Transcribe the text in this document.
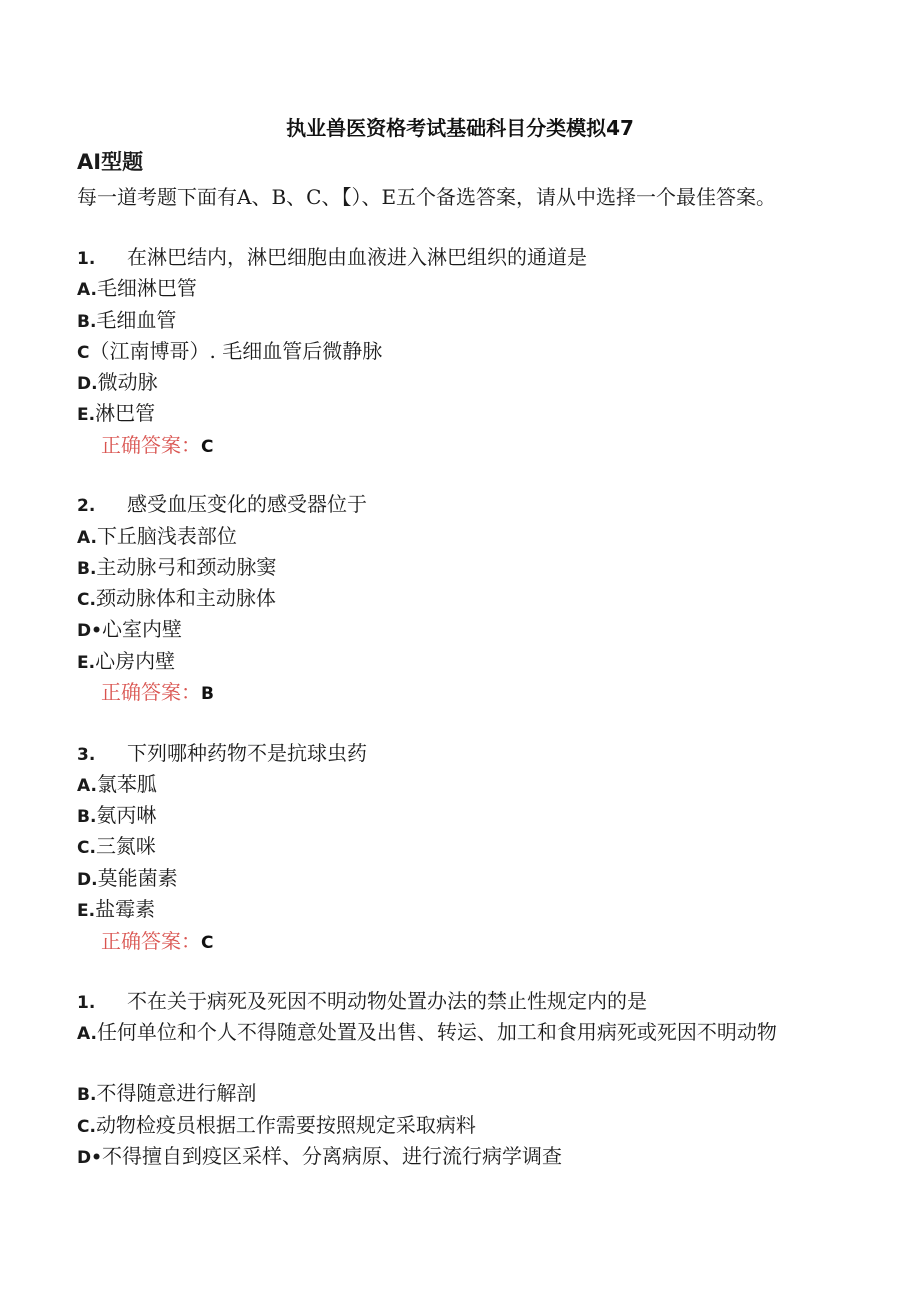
执业兽医资格考试基础科目分类模拟47
AI型题
每一道考题下面有A、B、C、【）、E五个备选答案，请从中选择一个最佳答案。
1. 在淋巴结内，淋巴细胞由血液进入淋巴组织的通道是
A.毛细淋巴管
B.毛细血管
C（江南博哥）. 毛细血管后微静脉
D.微动脉
E.淋巴管
正确答案：C
2. 感受血压变化的感受器位于
A.下丘脑浅表部位
B.主动脉弓和颈动脉窦
C.颈动脉体和主动脉体
D•心室内壁
E.心房内壁
正确答案：B
3. 下列哪种药物不是抗球虫药
A.氯苯胍
B.氨丙啉
C.三氮咪
D.莫能菌素
E.盐霉素
正确答案：C
1. 不在关于病死及死因不明动物处置办法的禁止性规定内的是
A.任何单位和个人不得随意处置及出售、转运、加工和食用病死或死因不明动物
B.不得随意进行解剖
C.动物检疫员根据工作需要按照规定采取病料
D•不得擅自到疫区采样、分离病原、进行流行病学调查
